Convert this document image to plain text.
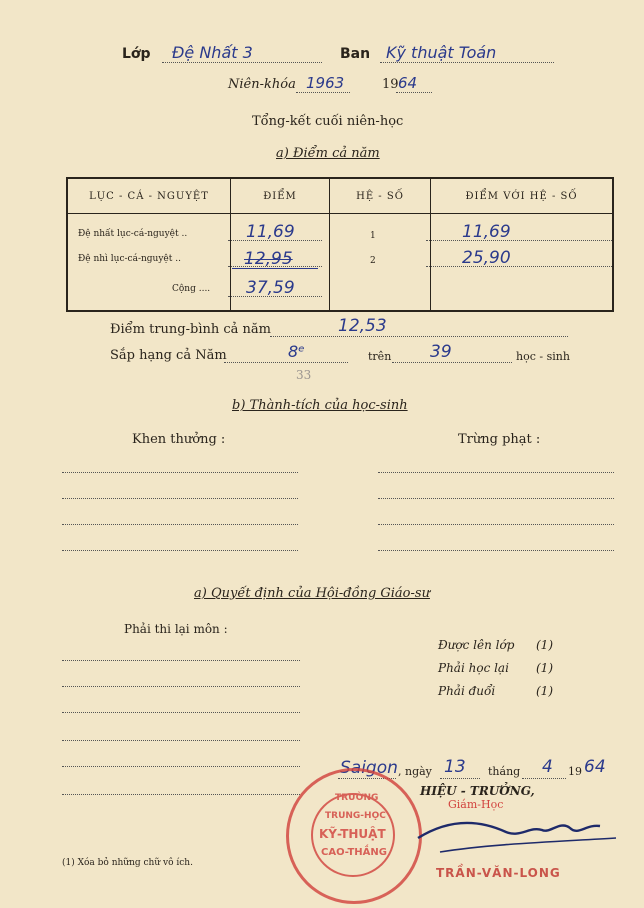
Lớp Đệ Nhất 3	Ban Kỹ thuật Toán
Niên-khóa 1963	19 64
Tổng-kết cuối niên-học
a) Điểm cả năm
LỤC - CÁ - NGUYỆT	ĐIỂM	HỆ - SỐ	ĐIỂM VỚI HỆ - SỐ

Đệ nhất lục-cá-nguyệt ..	11,69	1	11,69
Đệ nhì lục-cá-nguyệt ..	12,95	2	25,90
Cộng .... 37,59
Điểm trung-bình cả năm	12,53
Sắp hạng cả Năm	8ᵉ	trên 39	học - sinh
33
b) Thành-tích của học-sinh
Khen thưởng :	Trừng phạt :
a) Quyết định của Hội-đồng Giáo-sư
Phải thi lại môn :
Được lên lớp (1)
Phải học lại (1)
Phải đuổi	(1)
Saigon , ngày 13 tháng 4 19 64
HIỆU - TRƯỞNG,
Giám-Học
TRƯỜNG
TRUNG-HỌC
KỸ-THUẬT
CAO-THẮNG
TRẦN-VĂN-LONG
(1) Xóa bỏ những chữ vô ích.
